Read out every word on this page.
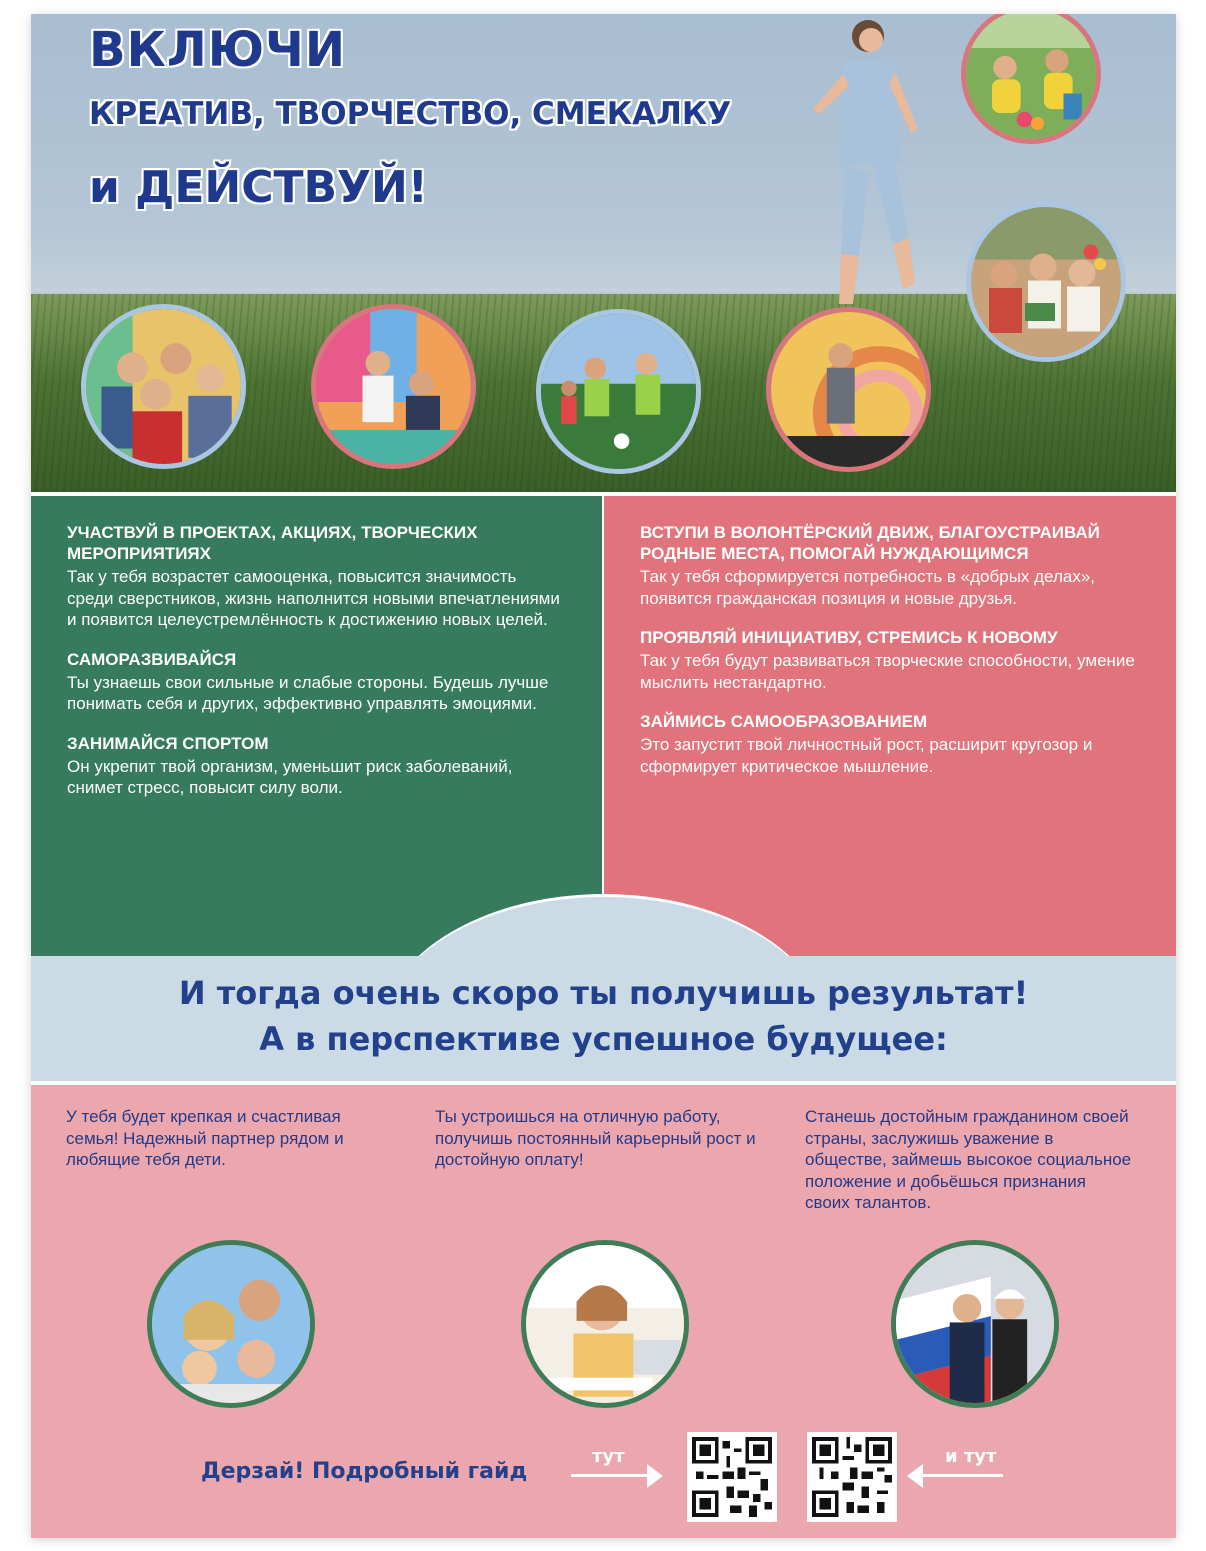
ВКЛЮЧИ
КРЕАТИВ, ТВОРЧЕСТВО, СМЕКАЛКУ
и ДЕЙСТВУЙ!
УЧАСТВУЙ В ПРОЕКТАХ, АКЦИЯХ, ТВОРЧЕСКИХ МЕРОПРИЯТИЯХ

Так у тебя возрастет самооценка, повысится значимость среди сверстников, жизнь наполнится новыми впечатлениями и появится целеустремлённость к достижению новых целей.

САМОРАЗВИВАЙСЯ

Ты узнаешь свои сильные и слабые стороны. Будешь лучше понимать себя и других, эффективно управлять эмоциями.

ЗАНИМАЙСЯ СПОРТОМ

Он укрепит твой организм, уменьшит риск заболеваний, снимет стресс, повысит силу воли.

ВСТУПИ В ВОЛОНТЁРСКИЙ ДВИЖ, БЛАГОУСТРАИВАЙ РОДНЫЕ МЕСТА, ПОМОГАЙ НУЖДАЮЩИМСЯ

Так у тебя сформируется потребность в «добрых делах», появится гражданская позиция и новые друзья.

ПРОЯВЛЯЙ ИНИЦИАТИВУ, СТРЕМИСЬ К НОВОМУ

Так у тебя будут развиваться творческие способности, умение мыслить нестандартно.

ЗАЙМИСЬ САМООБРАЗОВАНИЕМ

Это запустит твой личностный рост, расширит кругозор и сформирует критическое мышление.

И тогда очень скоро ты получишь результат!
А в перспективе успешное будущее:
У тебя будет крепкая и счастливая семья! Надежный партнер рядом и любящие тебя дети.
Ты устроишься на отличную работу, получишь постоянный карьерный рост и достойную оплату!
Станешь достойным гражданином своей страны, заслужишь уважение в обществе, займешь высокое социальное положение и добьёшься признания своих талантов.
Дерзай! Подробный гайд
тут	и тут
